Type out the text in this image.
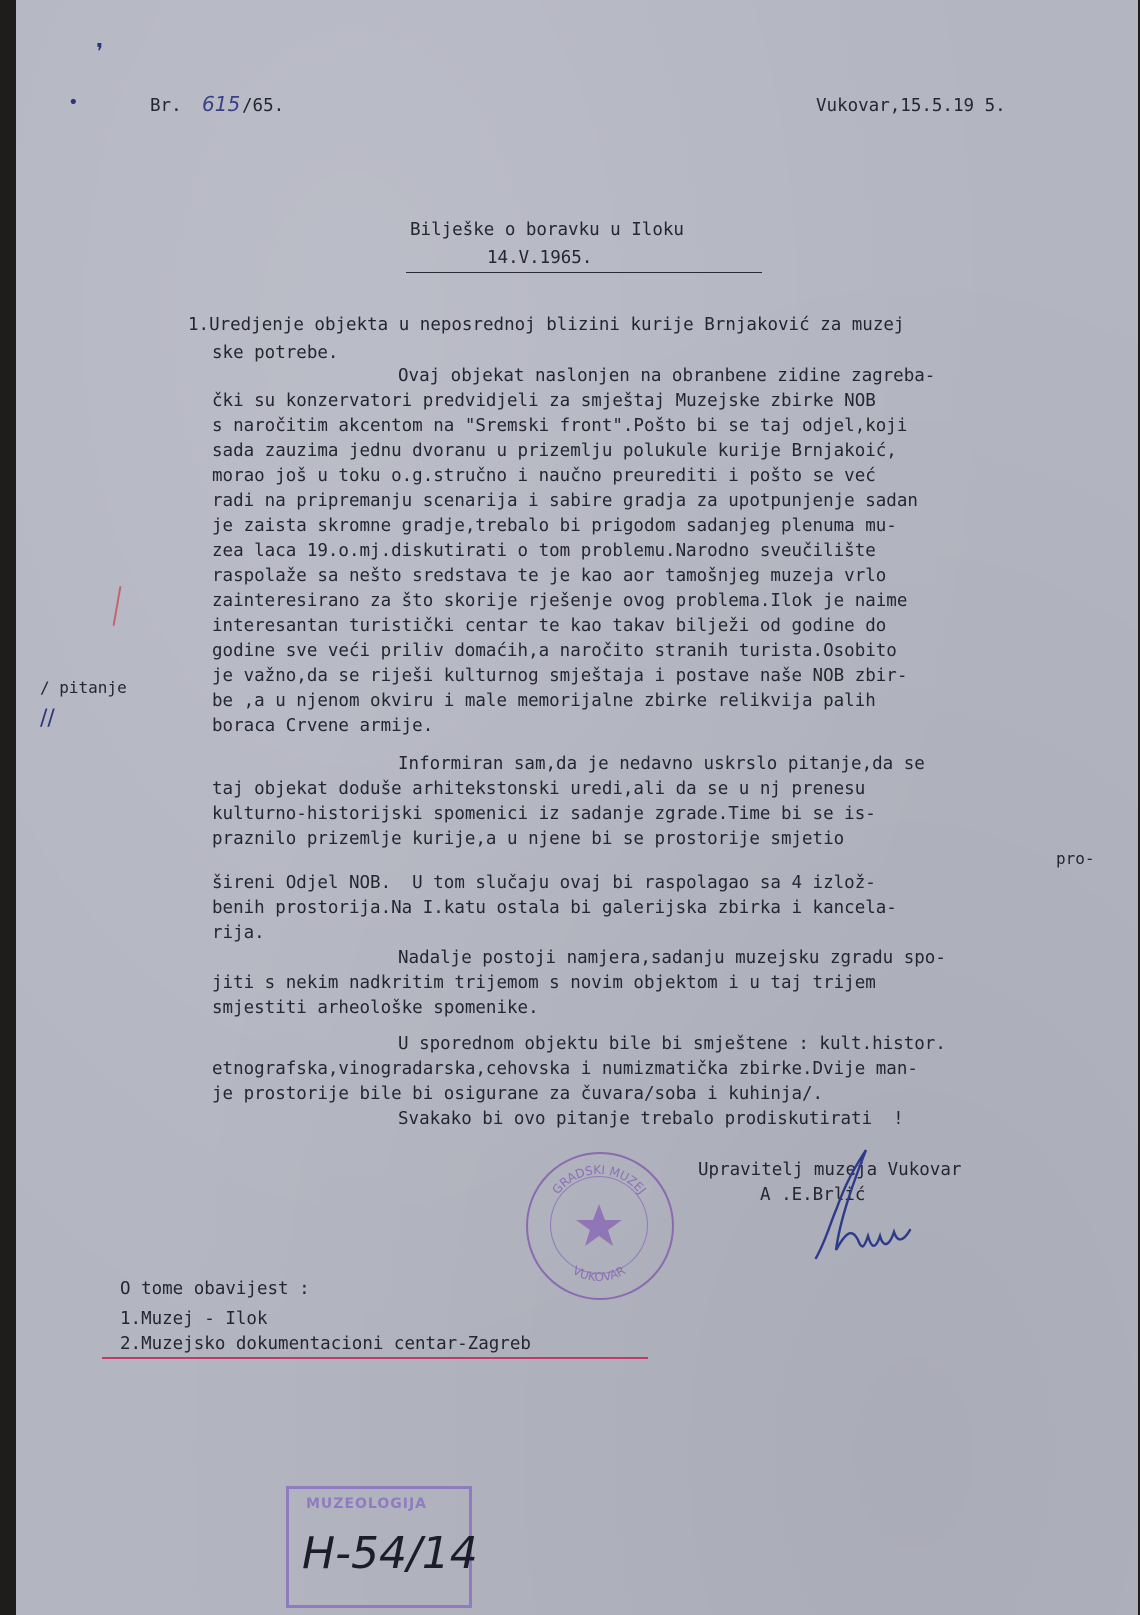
❜
•	Br. 615 /65.	Vukovar,15.5.19 5.
Bilješke o boravku u Iloku
14.V.1965.
1.Uredjenje objekta u neposrednoj blizini kurije Brnjaković za muzej
ske potrebe.
Ovaj objekat naslonjen na obranbene zidine zagreba-
čki su konzervatori predvidjeli za smještaj Muzejske zbirke NOB
s naročitim akcentom na "Sremski front".Pošto bi se taj odjel,koji
sada zauzima jednu dvoranu u prizemlju polukule kurije Brnjakoić,
morao još u toku o.g.stručno i naučno preurediti i pošto se već
radi na pripremanju scenarija i sabire gradja za upotpunjenje sadan
je zaista skromne gradje,trebalo bi prigodom sadanjeg plenuma mu-
zea laca 19.o.mj.diskutirati o tom problemu.Narodno sveučilište
raspolaže sa nešto sredstava te je kao aor tamošnjeg muzeja vrlo
zainteresirano za što skorije rješenje ovog problema.Ilok je naime
interesantan turistički centar te kao takav bilježi od godine do
godine sve veći priliv domaćih,a naročito stranih turista.Osobito
je važno,da se riješi kulturnog smještaja i postave naše NOB zbir-
be ,a u njenom okviru i male memorijalne zbirke relikvija palih
boraca Crvene armije.
Informiran sam,da je nedavno uskrslo pitanje,da se
taj objekat doduše arhitekstonski uredi,ali da se u nj prenesu
kulturno-historijski spomenici iz sadanje zgrade.Time bi se is-
praznilo prizemlje kurije,a u njene bi se prostorije smjetio
pro-
šireni Odjel NOB.  U tom slučaju ovaj bi raspolagao sa 4 izlož-
benih prostorija.Na I.katu ostala bi galerijska zbirka i kancela-
rija.
Nadalje postoji namjera,sadanju muzejsku zgradu spo-
jiti s nekim nadkritim trijemom s novim objektom i u taj trijem
smjestiti arheološke spomenike.
U sporednom objektu bile bi smještene : kult.histor.
etnografska,vinogradarska,cehovska i numizmatička zbirke.Dvije man-
je prostorije bile bi osigurane za čuvara/soba i kuhinja/.
Svakako bi ovo pitanje trebalo prodiskutirati  !
/ pitanje
//
GRADSKI MUZEJ
VUKOVAR
Upravitelj muzeja Vukovar
A .E.Brlić
O tome obavijest :
1.Muzej - Ilok
2.Muzejsko dokumentacioni centar-Zagreb
MUZEOLOGIJA
H-54/14
